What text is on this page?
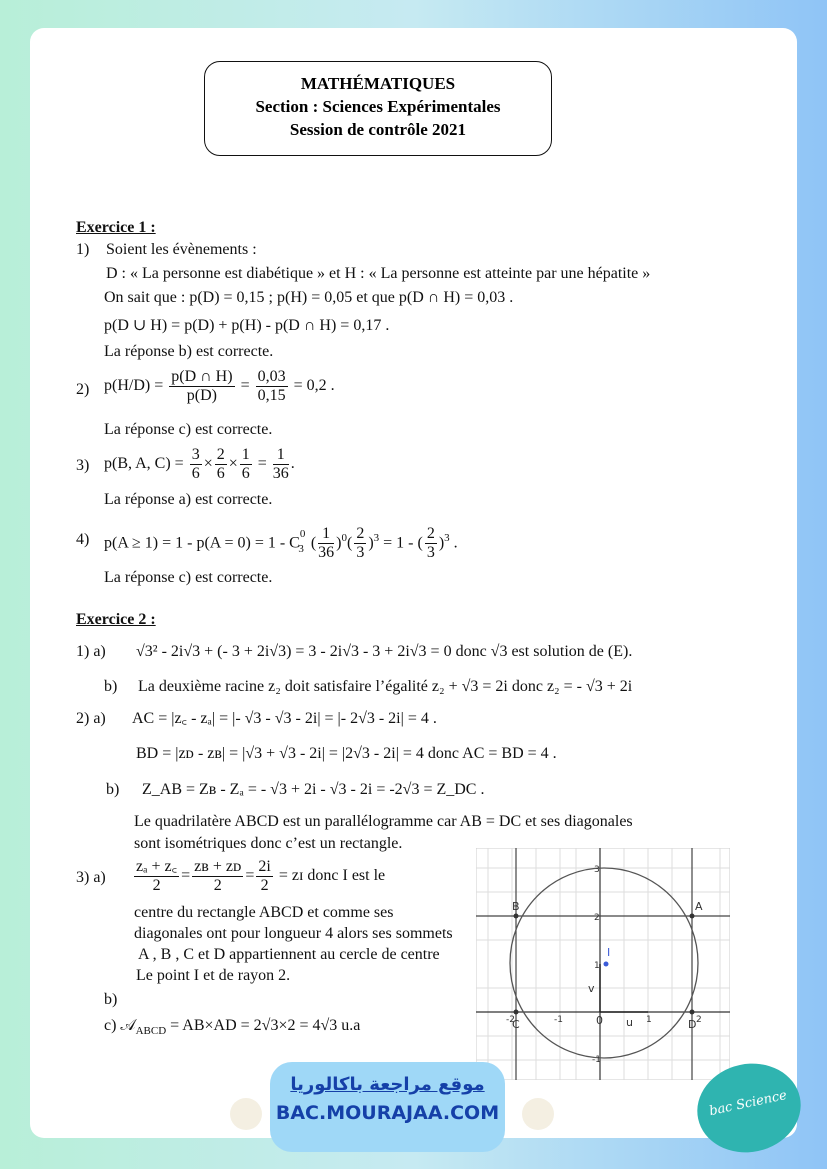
MATHÉMATIQUES
Section : Sciences Expérimentales
Session de contrôle 2021
Exercice 1 :
1) Soient les évènements :
D : « La personne est diabétique » et H : « La personne est atteinte par une hépatite »
On sait que : p(D) = 0,15 ; p(H) = 0,05 et que p(D ∩ H) = 0,03 .
p(D ∪ H) = p(D) + p(H) - p(D ∩ H) = 0,17 .
La réponse b) est correcte.
2) $p(H/D) = \frac{p(D \cap H)}{p(D)} = \frac{0,03}{0,15} = 0,2$ .
La réponse c) est correcte.
3) p(B, A, $C) = \frac{3}{6} \times \frac{2}{6} \times \frac{1}{6} = \frac{1}{36}$ .
La réponse a) est correcte.
4) $p(A \ge 1) = 1 - p(A = 0) = 1 - C^0_3$ ( $\frac{1}{36} )^0( \frac{2}{3} )^3 = 1$ - ( $\frac{2}{3} )^3$ .
La réponse c) est correcte.
Exercice 2 :
1) a) √3² - 2i√3 + (- 3 + 2i√3) = 3 - 2i√3 - 3 + 2i√3 = 0 donc √3 est solution de (E).
b) La deuxième racine z₂ doit satisfaire l’égalité z₂ + √3 = 2i donc z₂ = - √3 + 2i
2) a) AC = |z꜀ - zₐ| = |- √3 - √3 - 2i| = |- 2√3 - 2i| = 4 .
BD = |zᴅ - zʙ| = |√3 + √3 - 2i| = |2√3 - 2i| = 4 donc AC = BD = 4 .
b) Z_AB = Zʙ - Zₐ = - √3 + 2i - √3 - 2i = -2√3 = Z_DC .
Le quadrilatère ABCD est un parallélogramme car AB = DC et ses diagonales
sont isométriques donc c’est un rectangle.
3) $a) \frac{\text{zₐ + z꜀}}{2} = \frac{\text{zʙ + zᴅ}}{2} = \frac{2i}{2}$ = zɪ donc I est le
centre du rectangle ABCD et comme ses
diagonales ont pour longueur 4 alors ses sommets
A , B , C et D appartiennent au cercle de centre
Le point I et de rayon 2.
b)
c) 𝒜$_{ABCD}$ = AB×AD = 2√3×2 = 4√3 u.a
A
B
C	D
I
u
v
0
-2	-1	1	2
3
2
1
-1
موقع مراجعة باكالوريا
BAC.MOURAJAA.COM	bac Science
